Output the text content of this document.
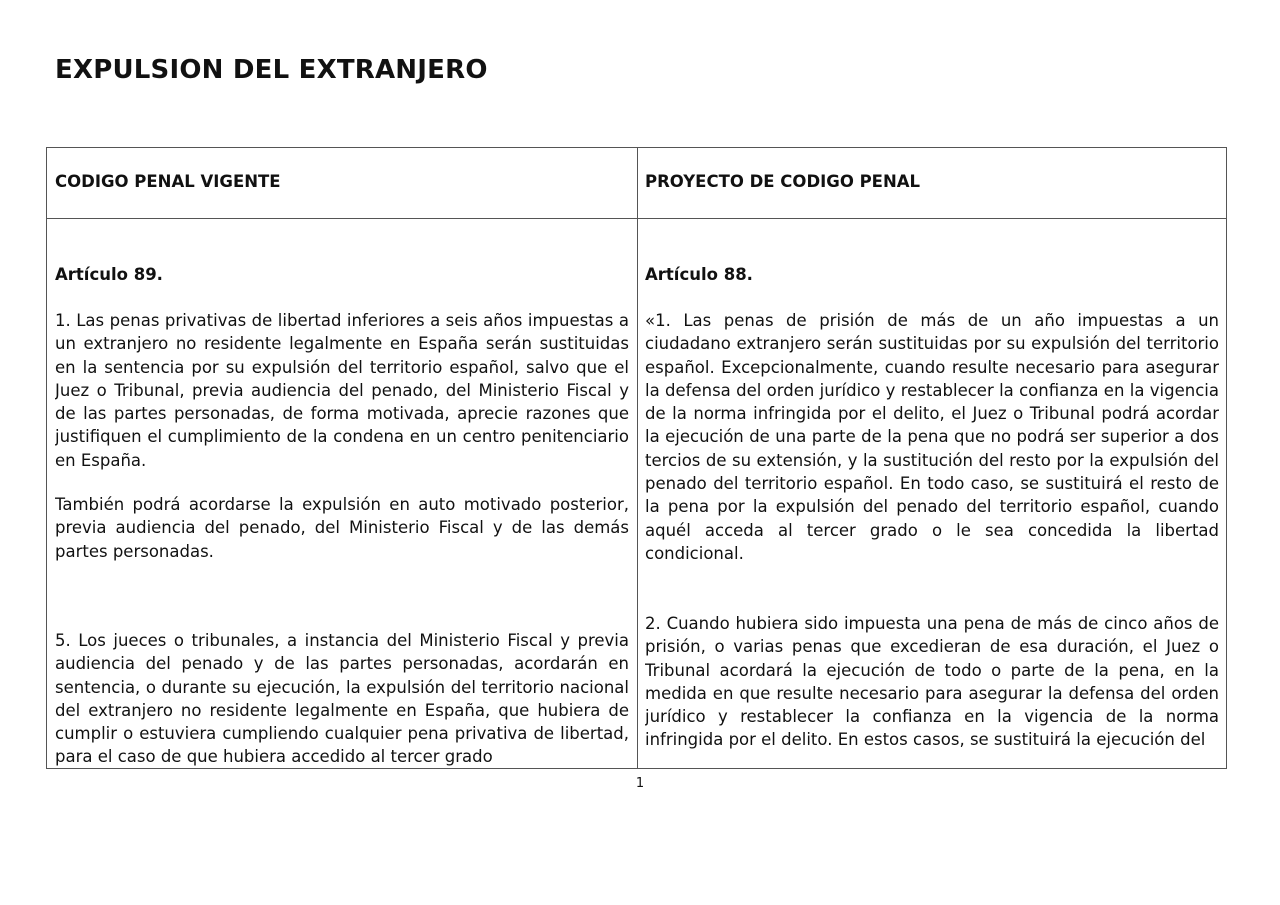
EXPULSION DEL EXTRANJERO

CODIGO PENAL VIGENTE	PROYECTO DE CODIGO PENAL

Artículo 89.

1. Las penas privativas de libertad inferiores a seis años impuestas a un extranjero no residente legalmente en España serán sustituidas en la sentencia por su expulsión del territorio español, salvo que el Juez o Tribunal, previa audiencia del penado, del Ministerio Fiscal y de las partes personadas, de forma motivada, aprecie razones que justifiquen el cumplimiento de la condena en un centro penitenciario en España.

También podrá acordarse la expulsión en auto motivado posterior, previa audiencia del penado, del Ministerio Fiscal y de las demás partes personadas.

5. Los jueces o tribunales, a instancia del Ministerio Fiscal y previa audiencia del penado y de las partes personadas, acordarán en sentencia, o durante su ejecución, la expulsión del territorio nacional del extranjero no residente legalmente en España, que hubiera de cumplir o estuviera cumpliendo cualquier pena privativa de libertad, para el caso de que hubiera accedido al tercer grado

Artículo 88.

«1. Las penas de prisión de más de un año impuestas a un ciudadano extranjero serán sustituidas por su expulsión del territorio español. Excepcionalmente, cuando resulte necesario para asegurar la defensa del orden jurídico y restablecer la confianza en la vigencia de la norma infringida por el delito, el Juez o Tribunal podrá acordar la ejecución de una parte de la pena que no podrá ser superior a dos tercios de su extensión, y la sustitución del resto por la expulsión del penado del territorio español. En todo caso, se sustituirá el resto de la pena por la expulsión del penado del territorio español, cuando aquél acceda al tercer grado o le sea concedida la libertad condicional.

2. Cuando hubiera sido impuesta una pena de más de cinco años de prisión, o varias penas que excedieran de esa duración, el Juez o Tribunal acordará la ejecución de todo o parte de la pena, en la medida en que resulte necesario para asegurar la defensa del orden jurídico y restablecer la confianza en la vigencia de la norma infringida por el delito. En estos casos, se sustituirá la ejecución del

1
